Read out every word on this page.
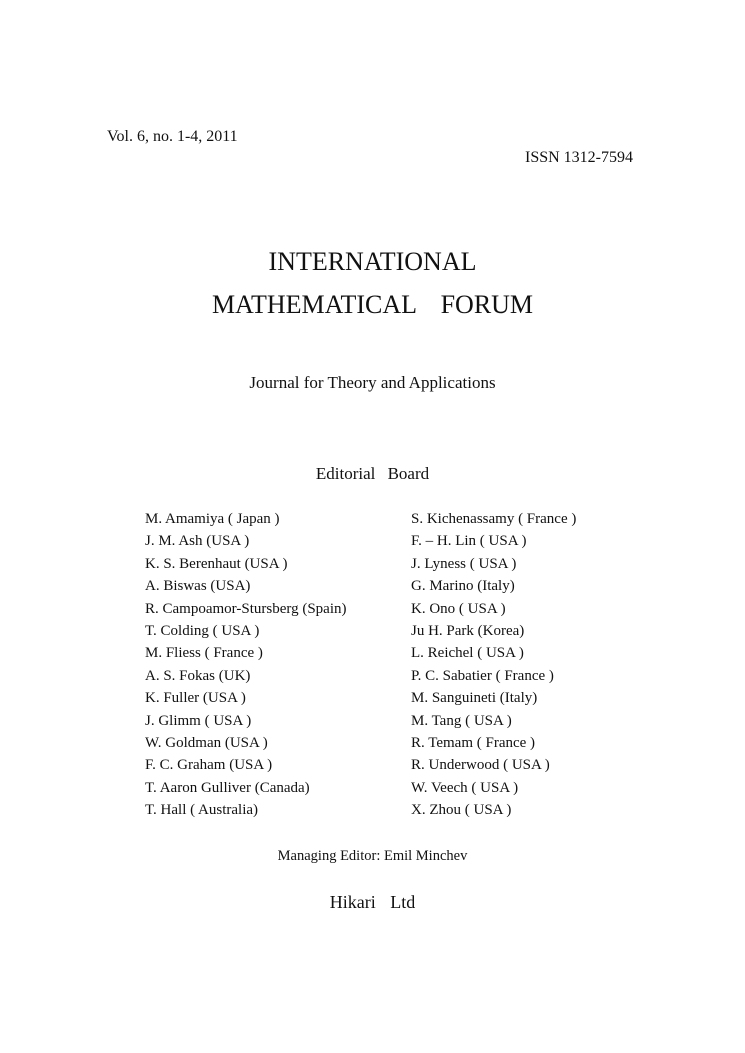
Vol. 6, no. 1-4, 2011
ISSN 1312-7594
INTERNATIONAL
MATHEMATICAL FORUM
Journal for Theory and Applications
Editorial Board
M. Amamiya ( Japan )
J. M. Ash (USA )
K. S. Berenhaut (USA )
A. Biswas (USA)
R. Campoamor-Stursberg (Spain)
T. Colding ( USA )
M. Fliess ( France )
A. S. Fokas (UK)
K. Fuller (USA )
J. Glimm ( USA )
W. Goldman (USA )
F. C. Graham (USA )
T. Aaron Gulliver (Canada)
T. Hall ( Australia)
S. Kichenassamy ( France )
F. – H. Lin ( USA )
J. Lyness ( USA )
G. Marino (Italy)
K. Ono ( USA )
Ju H. Park (Korea)
L. Reichel ( USA )
P. C. Sabatier ( France )
M. Sanguineti (Italy)
M. Tang ( USA )
R. Temam ( France )
R. Underwood ( USA )
W. Veech ( USA )
X. Zhou ( USA )
Managing Editor: Emil Minchev
Hikari Ltd
